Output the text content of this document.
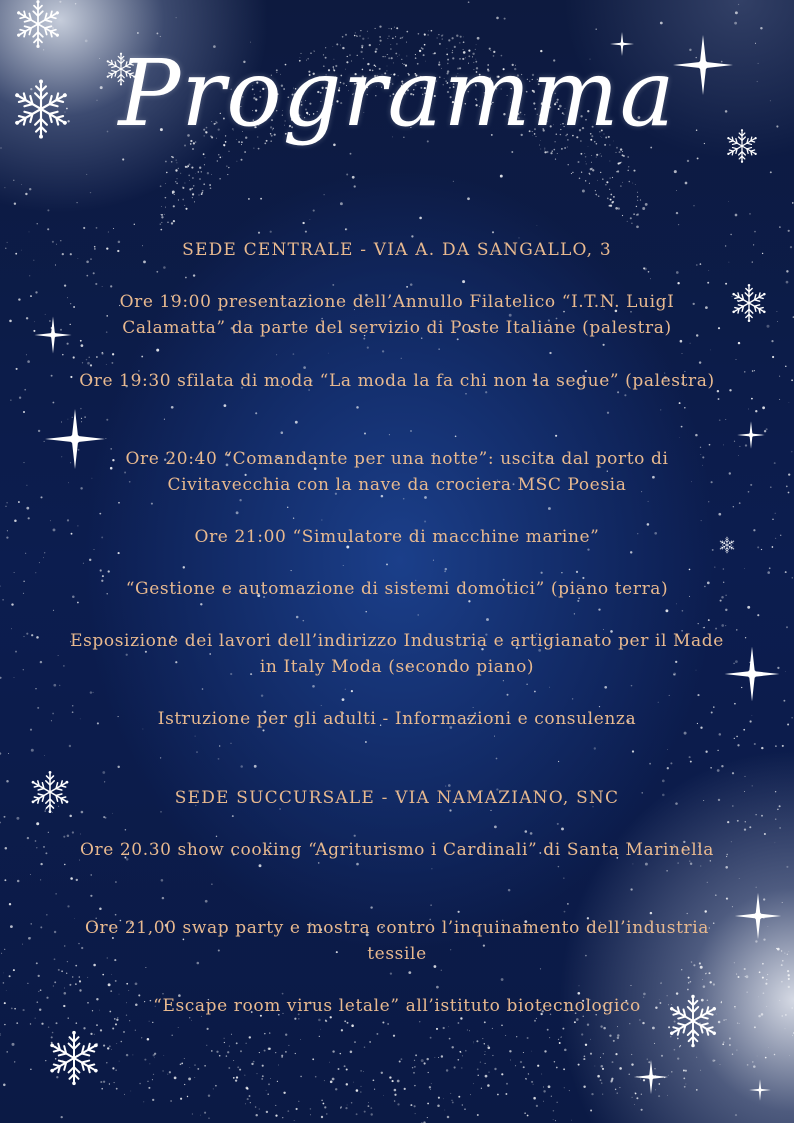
Programma

SEDE CENTRALE - VIA A. DA SANGALLO, 3

Ore 19:00 presentazione dell’Annullo Filatelico “I.T.N. LuigI Calamatta” da parte del servizio di Poste Italiane (palestra)

Ore 19:30 sfilata di moda “La moda la fa chi non la segue” (palestra)

Ore 20:40 “Comandante per una notte”: uscita dal porto di Civitavecchia con la nave da crociera MSC Poesia

Ore 21:00 “Simulatore di macchine marine”

“Gestione e automazione di sistemi domotici” (piano terra)

Esposizione dei lavori dell’indirizzo Industria e artigianato per il Made in Italy Moda (secondo piano)

Istruzione per gli adulti - Informazioni e consulenza

SEDE SUCCURSALE - VIA NAMAZIANO, SNC

Ore 20.30 show cooking “Agriturismo i Cardinali” di Santa Marinella

Ore 21,00 swap party e mostra contro l’inquinamento dell’industria tessile

“Escape room virus letale” all’istituto biotecnologico
